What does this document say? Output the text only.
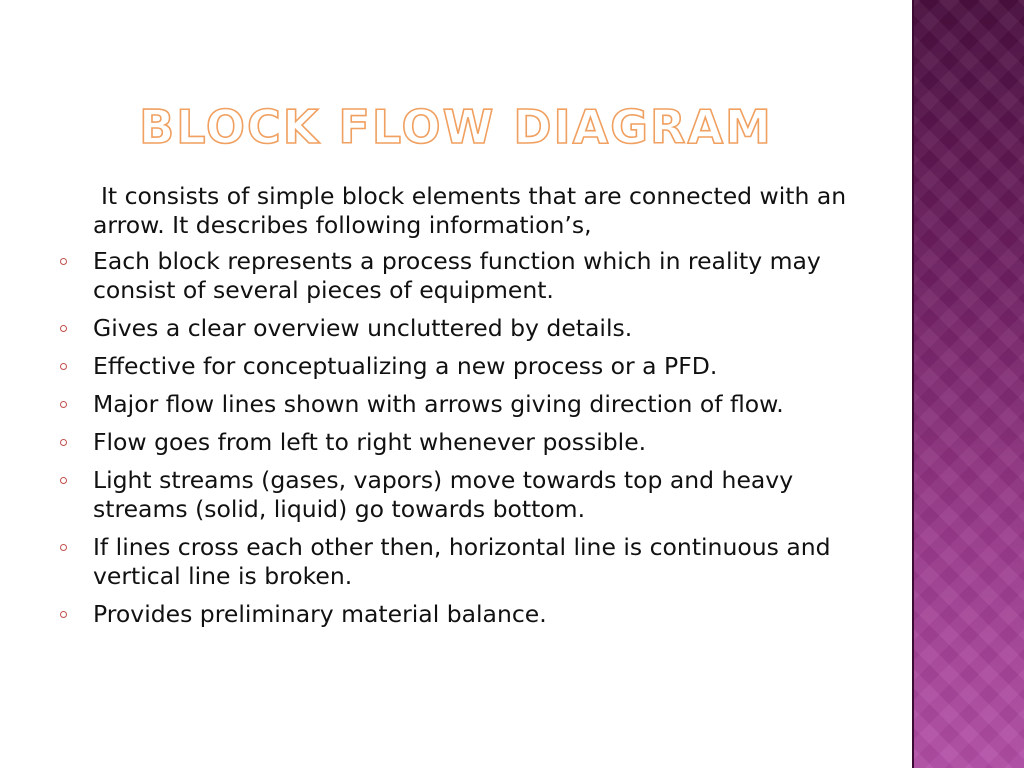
BLOCK FLOW DIAGRAM

It consists of simple block elements that are connected with an arrow. It describes following information’s,

Each block represents a process function which in reality may consist of several pieces of equipment.
Gives a clear overview uncluttered by details.
Effective for conceptualizing a new process or a PFD.
Major flow lines shown with arrows giving direction of flow.
Flow goes from left to right whenever possible.
Light streams (gases, vapors) move towards top and heavy streams (solid, liquid) go towards bottom.
If lines cross each other then, horizontal line is continuous and vertical line is broken.
Provides preliminary material balance.
